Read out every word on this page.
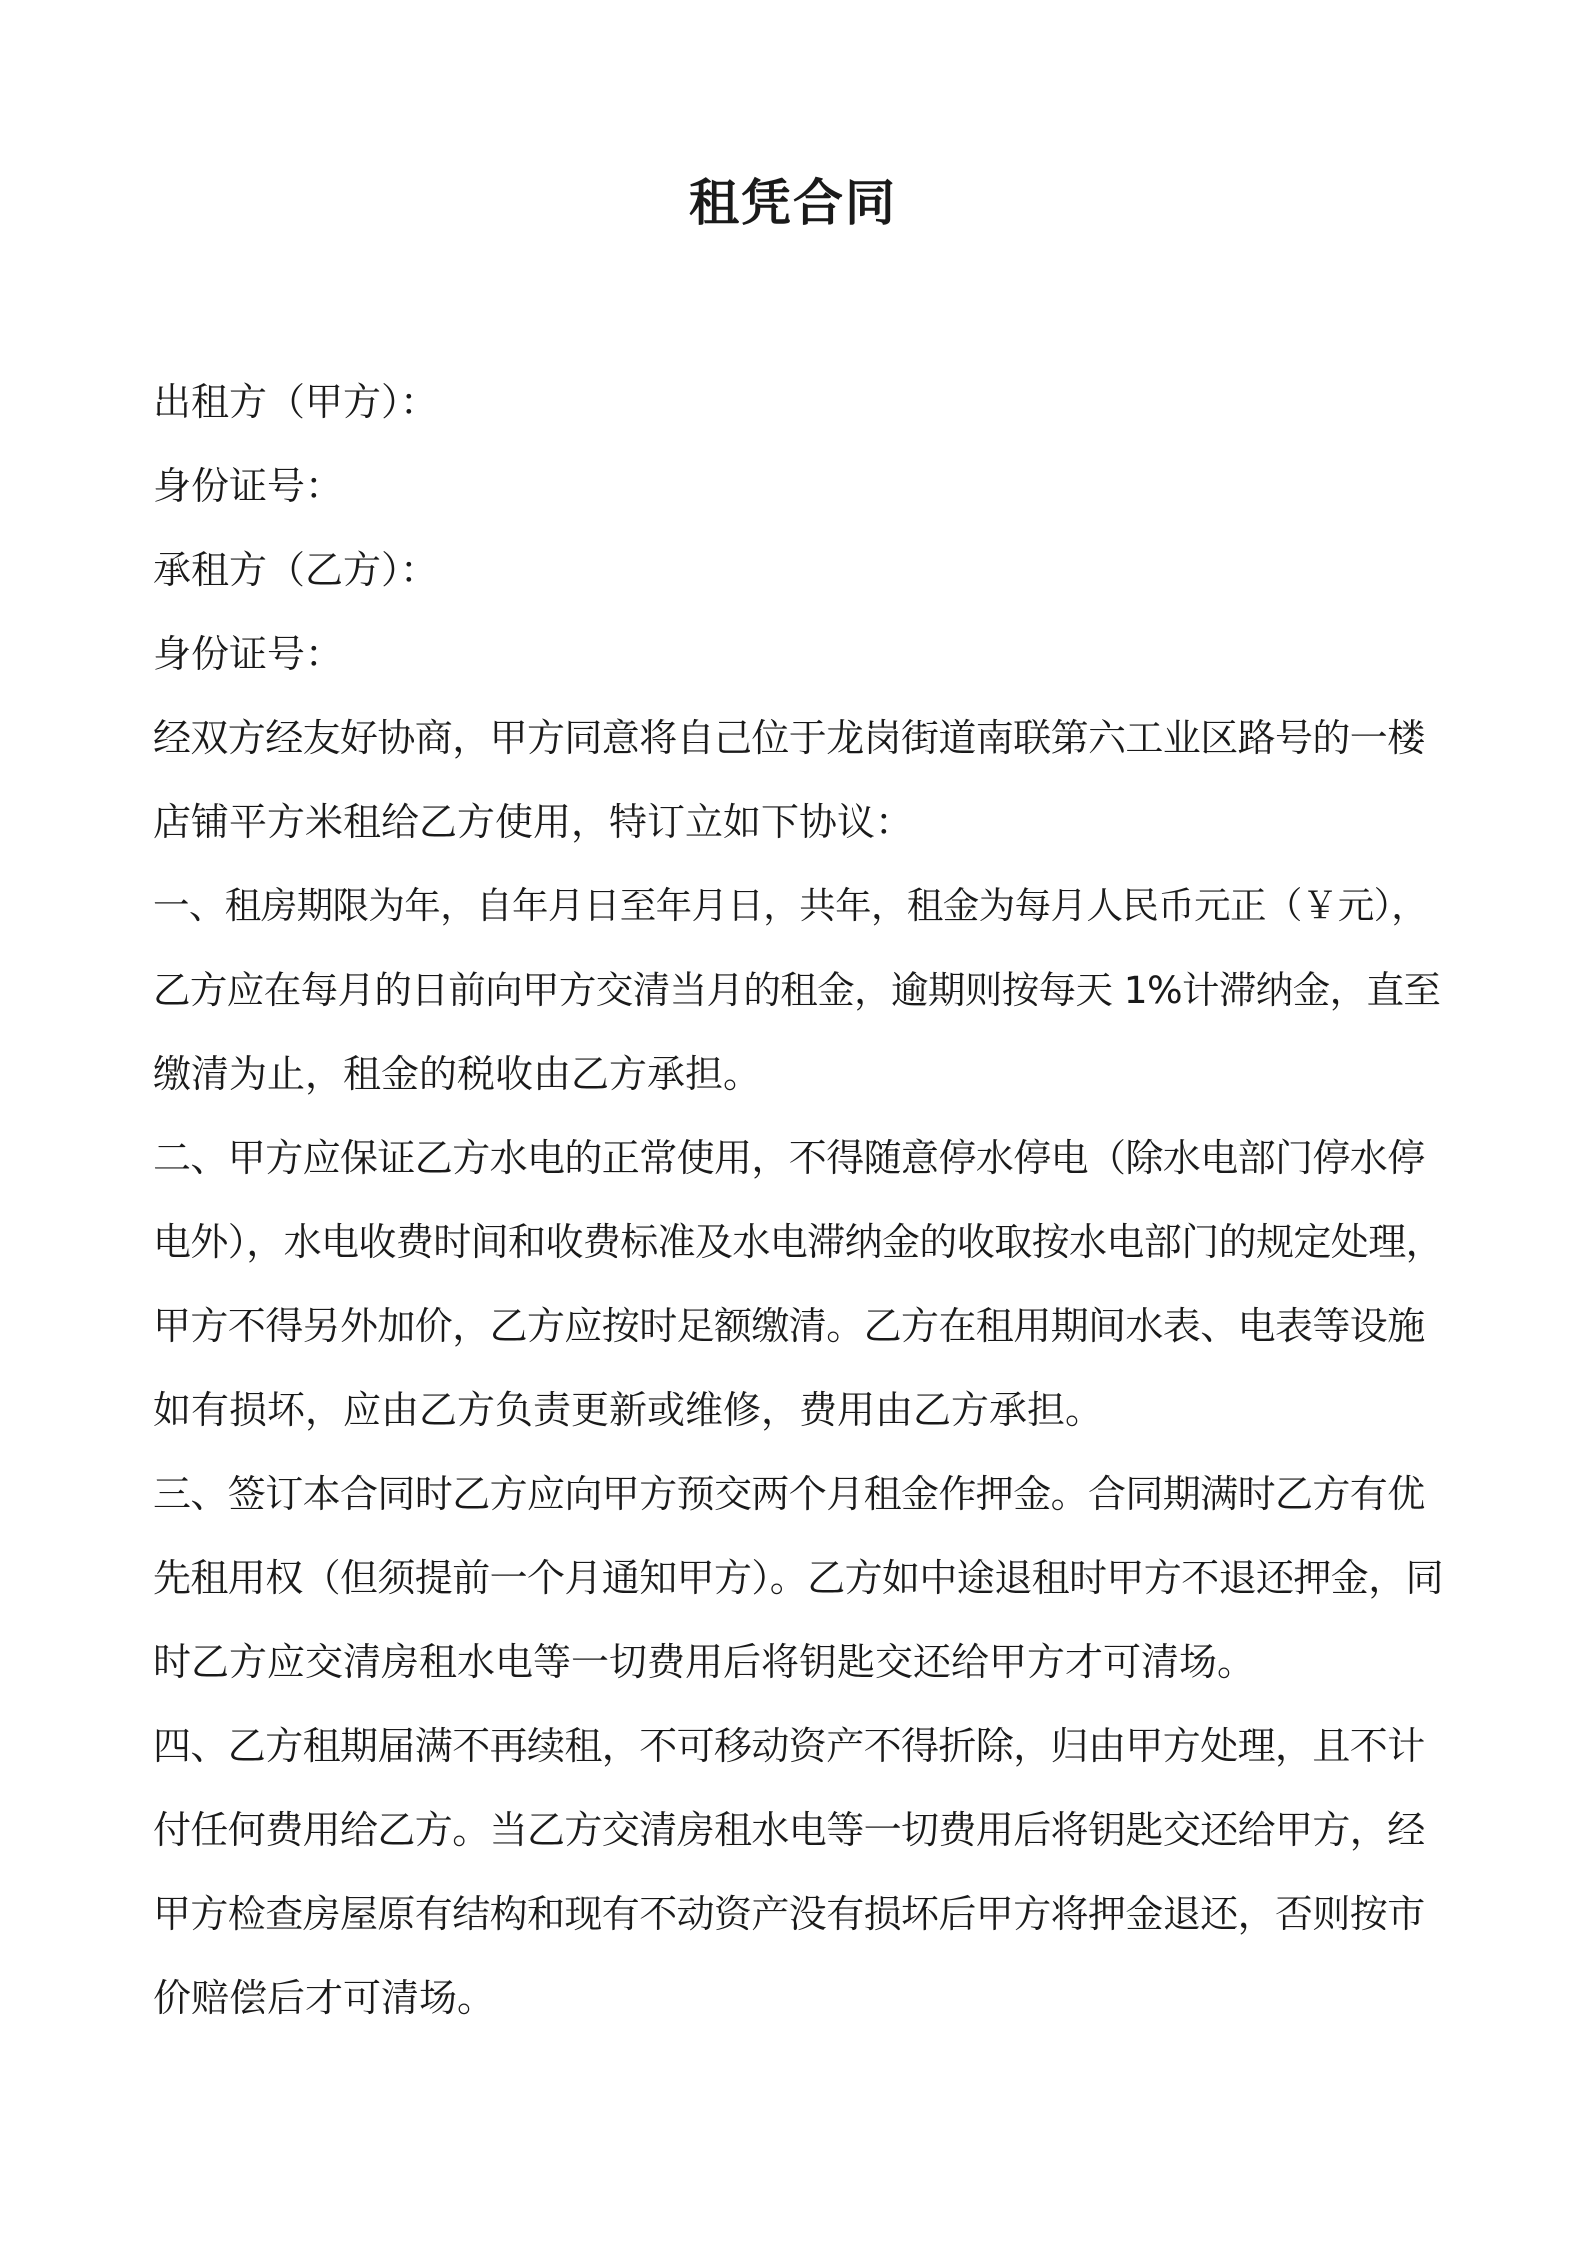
租凭合同

出租方（甲方）：

身份证号：

承租方（乙方）：

身份证号：

经双方经友好协商，甲方同意将自己位于龙岗街道南联第六工业区路号的一楼

店铺平方米租给乙方使用，特订立如下协议：

一、租房期限为年，自年月日至年月日，共年，租金为每月人民币元正（￥元），

乙方应在每月的日前向甲方交清当月的租金，逾期则按每天 1%计滞纳金，直至

缴清为止，租金的税收由乙方承担。

二、甲方应保证乙方水电的正常使用，不得随意停水停电（除水电部门停水停

电外），水电收费时间和收费标准及水电滞纳金的收取按水电部门的规定处理，

甲方不得另外加价，乙方应按时足额缴清。乙方在租用期间水表、电表等设施

如有损坏，应由乙方负责更新或维修，费用由乙方承担。

三、签订本合同时乙方应向甲方预交两个月租金作押金。合同期满时乙方有优

先租用权（但须提前一个月通知甲方）。乙方如中途退租时甲方不退还押金，同

时乙方应交清房租水电等一切费用后将钥匙交还给甲方才可清场。

四、乙方租期届满不再续租，不可移动资产不得折除，归由甲方处理，且不计

付任何费用给乙方。当乙方交清房租水电等一切费用后将钥匙交还给甲方，经

甲方检查房屋原有结构和现有不动资产没有损坏后甲方将押金退还，否则按市

价赔偿后才可清场。
